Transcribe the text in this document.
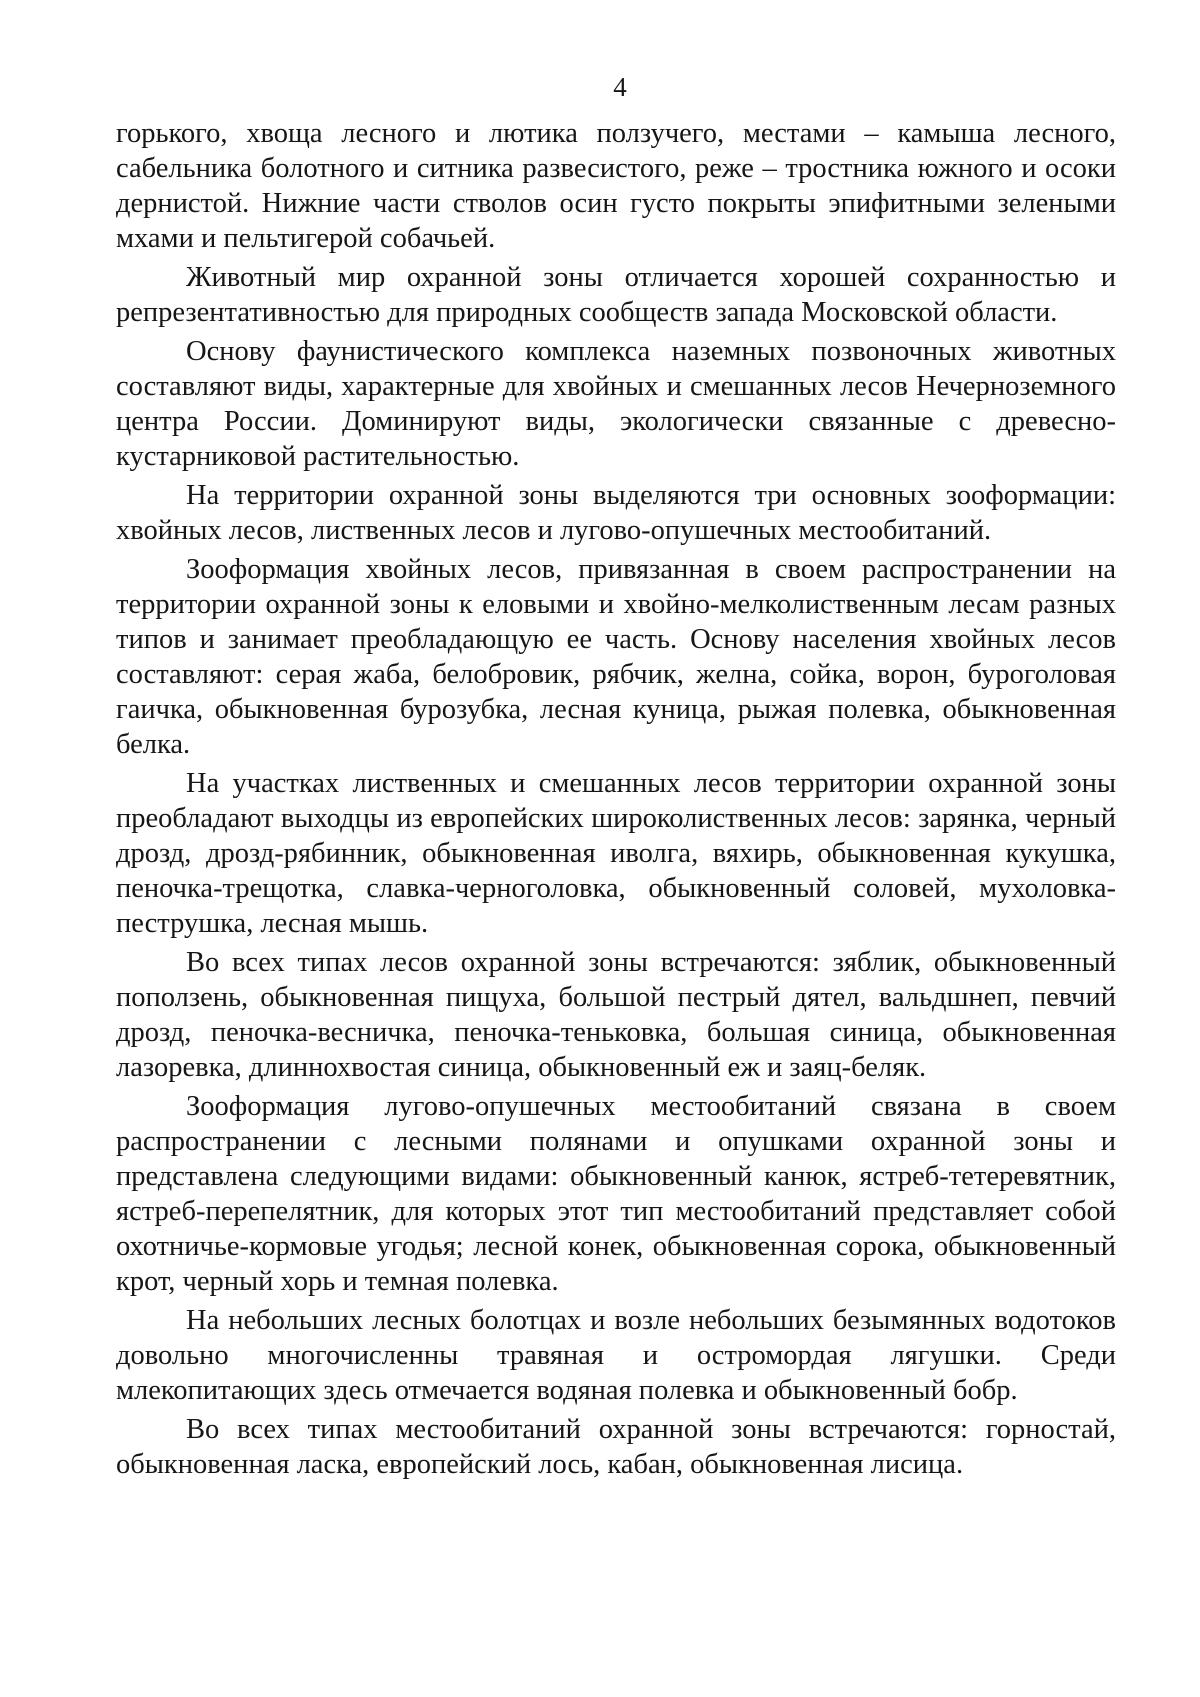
4

горького, хвоща лесного и лютика ползучего, местами – камыша лесного, сабельника болотного и ситника развесистого, реже – тростника южного и осоки дернистой. Нижние части стволов осин густо покрыты эпифитными зелеными мхами и пельтигерой собачьей.

Животный мир охранной зоны отличается хорошей сохранностью и репрезентативностью для природных сообществ запада Московской области.

Основу фаунистического комплекса наземных позвоночных животных составляют виды, характерные для хвойных и смешанных лесов Нечерноземного центра России. Доминируют виды, экологически связанные с древесно-кустарниковой растительностью.

На территории охранной зоны выделяются три основных зооформации: хвойных лесов, лиственных лесов и лугово-опушечных местообитаний.

Зооформация хвойных лесов, привязанная в своем распространении на территории охранной зоны к еловыми и хвойно-мелколиственным лесам разных типов и занимает преобладающую ее часть. Основу населения хвойных лесов составляют: серая жаба, белобровик, рябчик, желна, сойка, ворон, буроголовая гаичка, обыкновенная бурозубка, лесная куница, рыжая полевка, обыкновенная белка.

На участках лиственных и смешанных лесов территории охранной зоны преобладают выходцы из европейских широколиственных лесов: зарянка, черный дрозд, дрозд-рябинник, обыкновенная иволга, вяхирь, обыкновенная кукушка, пеночка-трещотка, славка-черноголовка, обыкновенный соловей, мухоловка-пеструшка, лесная мышь.

Во всех типах лесов охранной зоны встречаются: зяблик, обыкновенный поползень, обыкновенная пищуха, большой пестрый дятел, вальдшнеп, певчий дрозд, пеночка-весничка, пеночка-теньковка, большая синица, обыкновенная лазоревка, длиннохвостая синица, обыкновенный еж и заяц-беляк.

Зооформация лугово-опушечных местообитаний связана в своем распространении с лесными полянами и опушками охранной зоны и представлена следующими видами: обыкновенный канюк, ястреб-тетеревятник, ястреб-перепелятник, для которых этот тип местообитаний представляет собой охотничье-кормовые угодья; лесной конек, обыкновенная сорока, обыкновенный крот, черный хорь и темная полевка.

На небольших лесных болотцах и возле небольших безымянных водотоков довольно многочисленны травяная и остромордая лягушки. Среди млекопитающих здесь отмечается водяная полевка и обыкновенный бобр.

Во всех типах местообитаний охранной зоны встречаются: горностай, обыкновенная ласка, европейский лось, кабан, обыкновенная лисица.
